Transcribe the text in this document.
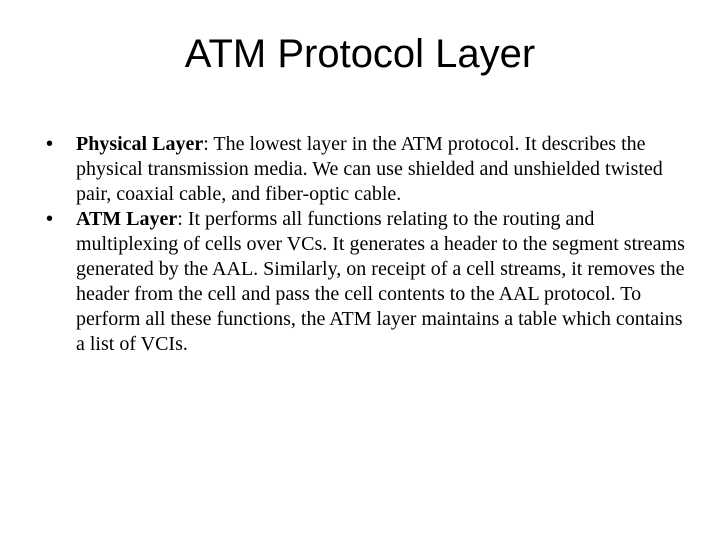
ATM Protocol Layer
•	Physical Layer: The lowest layer in the ATM protocol. It describes the physical transmission media. We can use shielded and unshielded twisted pair, coaxial cable, and fiber-optic cable.
•	ATM Layer: It performs all functions relating to the routing and multiplexing of cells over VCs. It generates a header to the segment streams generated by the AAL. Similarly, on receipt of a cell streams, it removes the header from the cell and pass the cell contents to the AAL protocol. To perform all these functions, the ATM layer maintains a table which contains a list of VCIs.
